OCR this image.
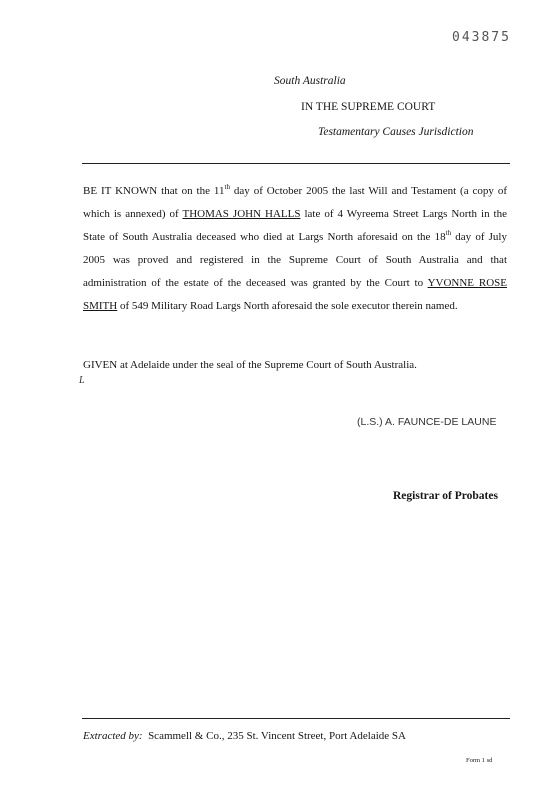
043875
South Australia
IN THE SUPREME COURT
Testamentary Causes Jurisdiction
BE IT KNOWN that on the 11th day of October 2005 the last Will and Testament (a copy of which is annexed) of THOMAS JOHN HALLS late of 4 Wyreema Street Largs North in the State of South Australia deceased who died at Largs North aforesaid on the 18th day of July 2005 was proved and registered in the Supreme Court of South Australia and that administration of the estate of the deceased was granted by the Court to YVONNE ROSE SMITH of 549 Military Road Largs North aforesaid the sole executor therein named.
GIVEN at Adelaide under the seal of the Supreme Court of South Australia.
L
(L.S.) A. FAUNCE-DE LAUNE
Registrar of Probates
Extracted by: Scammell & Co., 235 St. Vincent Street, Port Adelaide SA
Form 1 sd
